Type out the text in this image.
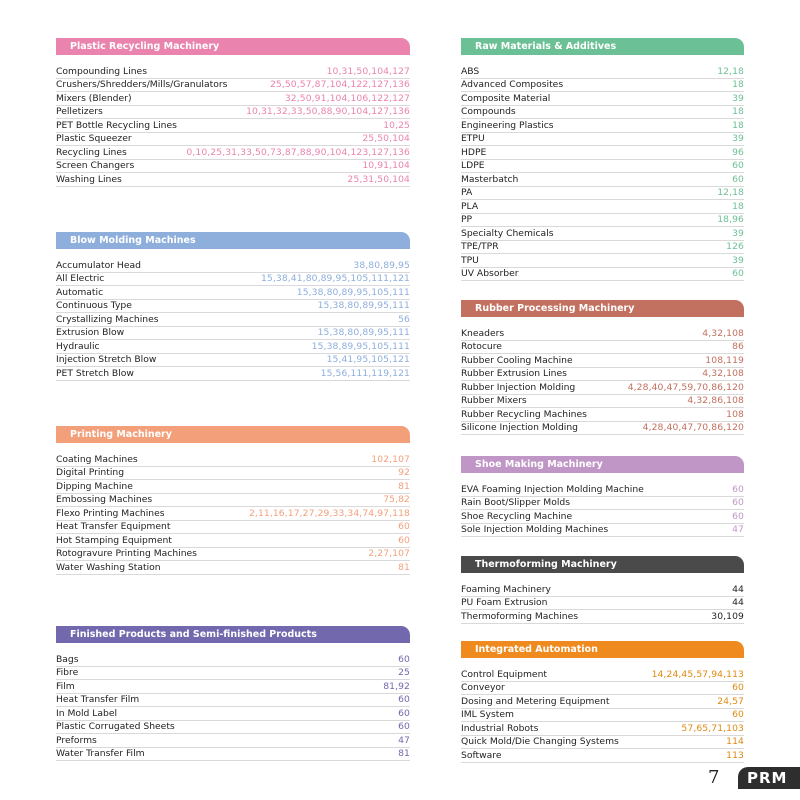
Plastic Recycling Machinery
Compounding Lines	10,31,50,104,127
Crushers/Shredders/Mills/Granulators	25,50,57,87,104,122,127,136
Mixers (Blender)	32,50,91,104,106,122,127
Pelletizers	10,31,32,33,50,88,90,104,127,136
PET Bottle Recycling Lines	10,25
Plastic Squeezer	25,50,104
Recycling Lines	0,10,25,31,33,50,73,87,88,90,104,123,127,136
Screen Changers	10,91,104
Washing Lines	25,31,50,104
Blow Molding Machines
Accumulator Head	38,80,89,95
All Electric	15,38,41,80,89,95,105,111,121
Automatic	15,38,80,89,95,105,111
Continuous Type	15,38,80,89,95,111
Crystallizing Machines	56
Extrusion Blow	15,38,80,89,95,111
Hydraulic	15,38,89,95,105,111
Injection Stretch Blow	15,41,95,105,121
PET Stretch Blow	15,56,111,119,121
Printing Machinery
Coating Machines	102,107
Digital Printing	92
Dipping Machine	81
Embossing Machines	75,82
Flexo Printing Machines	2,11,16,17,27,29,33,34,74,97,118
Heat Transfer Equipment	60
Hot Stamping Equipment	60
Rotogravure Printing Machines	2,27,107
Water Washing Station	81
Finished Products and Semi-finished Products
Bags	60
Fibre	25
Film	81,92
Heat Transfer Film	60
In Mold Label	60
Plastic Corrugated Sheets	60
Preforms	47
Water Transfer Film	81
Raw Materials & Additives
ABS	12,18
Advanced Composites	18
Composite Material	39
Compounds	18
Engineering Plastics	18
ETPU	39
HDPE	96
LDPE	60
Masterbatch	60
PA	12,18
PLA	18
PP	18,96
Specialty Chemicals	39
TPE/TPR	126
TPU	39
UV Absorber	60
Rubber Processing Machinery
Kneaders	4,32,108
Rotocure	86
Rubber Cooling Machine	108,119
Rubber Extrusion Lines	4,32,108
Rubber Injection Molding	4,28,40,47,59,70,86,120
Rubber Mixers	4,32,86,108
Rubber Recycling Machines	108
Silicone Injection Molding	4,28,40,47,70,86,120
Shoe Making Machinery
EVA Foaming Injection Molding Machine	60
Rain Boot/Slipper Molds	60
Shoe Recycling Machine	60
Sole Injection Molding Machines	47
Thermoforming Machinery
Foaming Machinery	44
PU Foam Extrusion	44
Thermoforming Machines	30,109
Integrated Automation
Control Equipment	14,24,45,57,94,113
Conveyor	60
Dosing and Metering Equipment	24,57
IML System	60
Industrial Robots	57,65,71,103
Quick Mold/Die Changing Systems	114
Software	113
7	PRM
